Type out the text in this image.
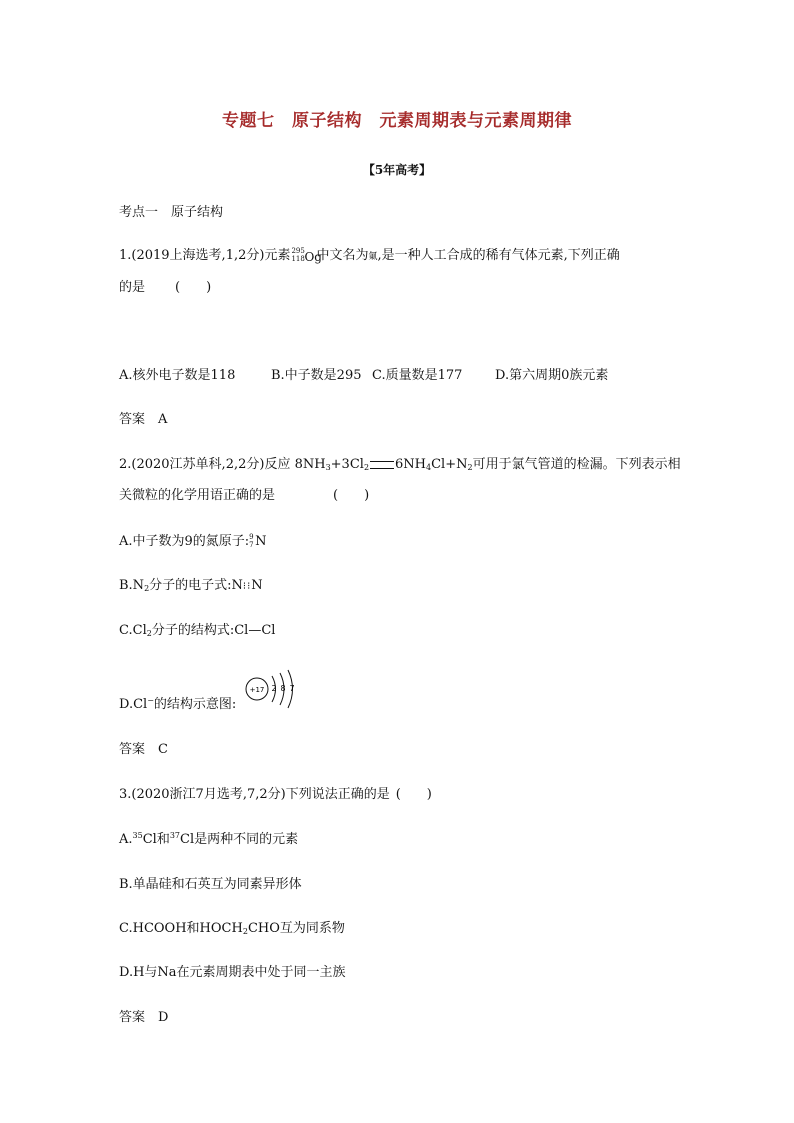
专题七　原子结构　元素周期表与元素周期律
【5年高考】
考点一　原子结构
1.(2019上海选考,1,2分)元素 295
118 Og
中文名为氭,是一种人工合成的稀有气体元素,下列正确
的是 (　　)
A.核外电子数是118	B.中子数是295 C.质量数是177	D.第六周期0族元素
答案　A
2.(2020江苏单科,2,2分)反应 $8NH_3+3Cl_2$ $6NH_4Cl+N_2$可用于氯气管道的检漏。下列表示相
关微粒的化学用语正确的是	(　　)
A.中子数为9的氮原子: 9
7 N
$B.N_2$分子的电子式:N⁝⁝N
$C.Cl_2$分子的结构式:Cl—Cl
D.Cl−的结构示意图:
+17 2 8 7
答案　C
3.(2020浙江7月选考,7,2分)下列说法正确的是 (　　)
A.$^{35}$Cl和$^{37}$Cl是两种不同的元素
B.单晶硅和石英互为同素异形体
C.HCOOH和$HOCH_2CHO$互为同系物
D.H与Na在元素周期表中处于同一主族
答案　D
